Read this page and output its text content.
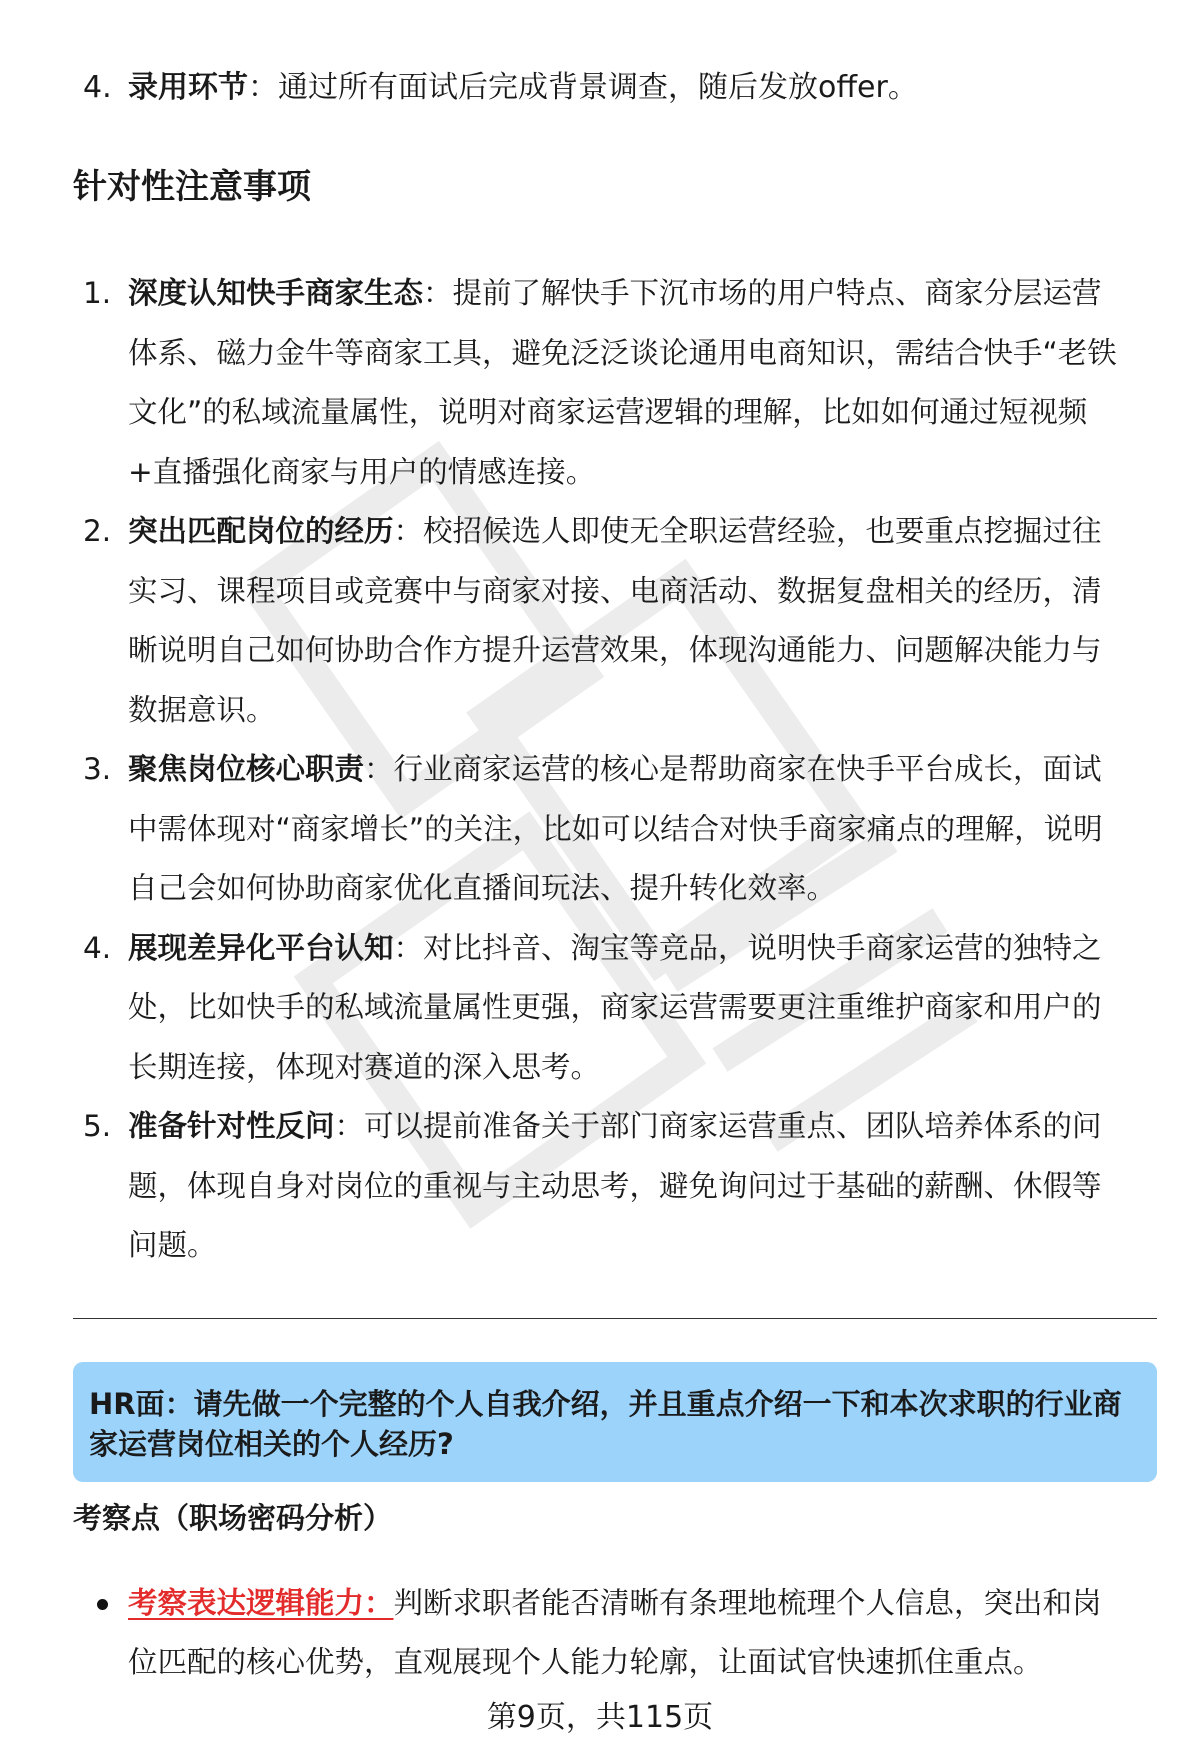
4. 录用环节：通过所有面试后完成背景调查，随后发放offer。
针对性注意事项
1. 深度认知快手商家生态：提前了解快手下沉市场的用户特点、商家分层运营体系、磁力金牛等商家工具，避免泛泛谈论通用电商知识，需结合快手“老铁文化”的私域流量属性，说明对商家运营逻辑的理解，比如如何通过短视频+直播强化商家与用户的情感连接。
2. 突出匹配岗位的经历：校招候选人即使无全职运营经验，也要重点挖掘过往实习、课程项目或竞赛中与商家对接、电商活动、数据复盘相关的经历，清晰说明自己如何协助合作方提升运营效果，体现沟通能力、问题解决能力与数据意识。
3. 聚焦岗位核心职责：行业商家运营的核心是帮助商家在快手平台成长，面试中需体现对“商家增长”的关注，比如可以结合对快手商家痛点的理解，说明自己会如何协助商家优化直播间玩法、提升转化效率。
4. 展现差异化平台认知：对比抖音、淘宝等竞品，说明快手商家运营的独特之处，比如快手的私域流量属性更强，商家运营需要更注重维护商家和用户的长期连接，体现对赛道的深入思考。
5. 准备针对性反问：可以提前准备关于部门商家运营重点、团队培养体系的问题，体现自身对岗位的重视与主动思考，避免询问过于基础的薪酬、休假等问题。

HR面：请先做一个完整的个人自我介绍，并且重点介绍一下和本次求职的行业商家运营岗位相关的个人经历?

考察点（职场密码分析）
考察表达逻辑能力：判断求职者能否清晰有条理地梳理个人信息，突出和岗位匹配的核心优势，直观展现个人能力轮廓，让面试官快速抓住重点。
第9页，共115页
